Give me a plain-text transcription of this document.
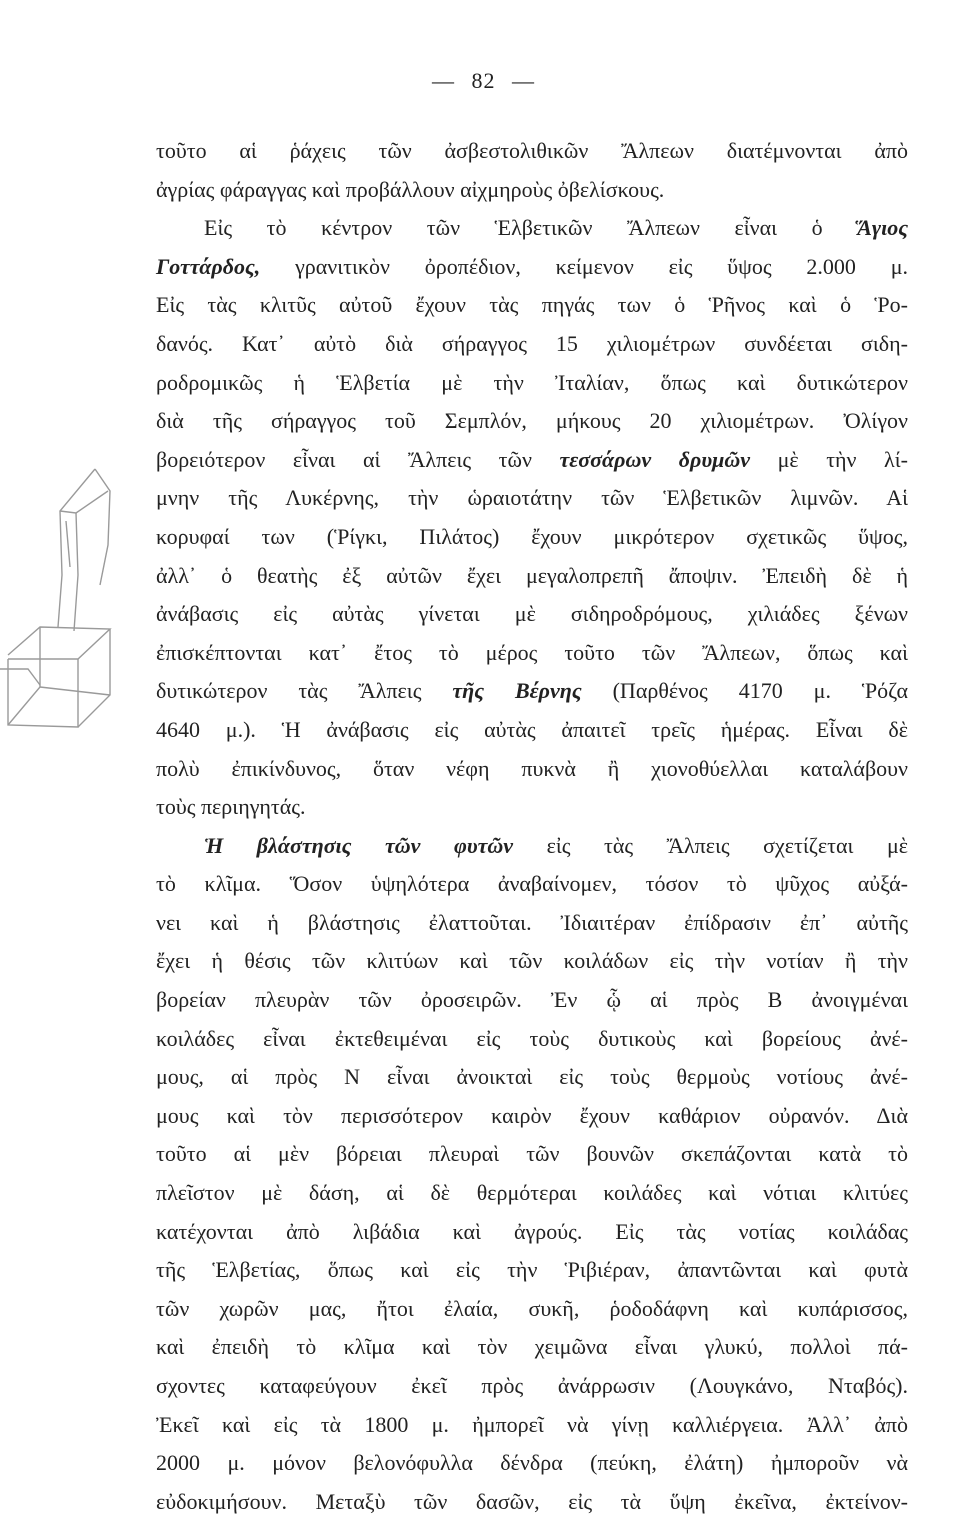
— 82 —
τοῦτο αἱ ῥάχεις τῶν ἀσβεστολιθικῶν Ἄλπεων διατέμνονται ἀπὸ
ἀγρίας φάραγγας καὶ προβάλλουν αἰχμηροὺς ὀβελίσκους.
Εἰς τὸ κέντρον τῶν Ἑλβετικῶν Ἄλπεων εἶναι ὁ Ἅγιος
Γοττάρδος, γρανιτικὸν ὀροπέδιον, κείμενον εἰς ὕψος 2.000 μ.
Εἰς τὰς κλιτῦς αὐτοῦ ἔχουν τὰς πηγάς των ὁ Ῥῆνος καὶ ὁ Ῥο-
δανός. Κατ᾽ αὐτὸ διὰ σήραγγος 15 χιλιομέτρων συνδέεται σιδη-
ροδρομικῶς ἡ Ἑλβετία μὲ τὴν Ἰταλίαν, ὅπως καὶ δυτικώτερον
διὰ τῆς σήραγγος τοῦ Σεμπλόν, μήκους 20 χιλιομέτρων. Ὀλίγον
βορειότερον εἶναι αἱ Ἄλπεις τῶν τεσσάρων δρυμῶν μὲ τὴν λί-
μνην τῆς Λυκέρνης, τὴν ὡραιοτάτην τῶν Ἑλβετικῶν λιμνῶν. Αἱ
κορυφαί των (Ῥίγκι, Πιλάτος) ἔχουν μικρότερον σχετικῶς ὕψος,
ἀλλ᾽ ὁ θεατὴς ἐξ αὐτῶν ἔχει μεγαλοπρεπῆ ἄποψιν. Ἐπειδὴ δὲ ἡ
ἀνάβασις εἰς αὐτὰς γίνεται μὲ σιδηροδρόμους, χιλιάδες ξένων
ἐπισκέπτονται κατ᾽ ἔτος τὸ μέρος τοῦτο τῶν Ἄλπεων, ὅπως καὶ
δυτικώτερον τὰς Ἄλπεις τῆς Βέρνης (Παρθένος 4170 μ. Ῥόζα
4640 μ.). Ἡ ἀνάβασις εἰς αὐτὰς ἀπαιτεῖ τρεῖς ἡμέρας. Εἶναι δὲ
πολὺ ἐπικίνδυνος, ὅταν νέφη πυκνὰ ἢ χιονοθύελλαι καταλάβουν
τοὺς περιηγητάς.
Ἡ βλάστησις τῶν φυτῶν εἰς τὰς Ἄλπεις σχετίζεται μὲ
τὸ κλῖμα. Ὅσον ὑψηλότερα ἀναβαίνομεν, τόσον τὸ ψῦχος αὐξά-
νει καὶ ἡ βλάστησις ἐλαττοῦται. Ἰδιαιτέραν ἐπίδρασιν ἐπ᾽ αὐτῆς
ἔχει ἡ θέσις τῶν κλιτύων καὶ τῶν κοιλάδων εἰς τὴν νοτίαν ἢ τὴν
βορείαν πλευρὰν τῶν ὀροσειρῶν. Ἐν ᾧ αἱ πρὸς Β ἀνοιγμέναι
κοιλάδες εἶναι ἐκτεθειμέναι εἰς τοὺς δυτικοὺς καὶ βορείους ἀνέ-
μους, αἱ πρὸς Ν εἶναι ἀνοικταὶ εἰς τοὺς θερμοὺς νοτίους ἀνέ-
μους καὶ τὸν περισσότερον καιρὸν ἔχουν καθάριον οὐρανόν. Διὰ
τοῦτο αἱ μὲν βόρειαι πλευραὶ τῶν βουνῶν σκεπάζονται κατὰ τὸ
πλεῖστον μὲ δάση, αἱ δὲ θερμότεραι κοιλάδες καὶ νότιαι κλιτύες
κατέχονται ἀπὸ λιβάδια καὶ ἀγρούς. Εἰς τὰς νοτίας κοιλάδας
τῆς Ἑλβετίας, ὅπως καὶ εἰς τὴν Ῥιβιέραν, ἀπαντῶνται καὶ φυτὰ
τῶν χωρῶν μας, ἤτοι ἐλαία, συκῆ, ῥοδοδάφνη καὶ κυπάρισσος,
καὶ ἐπειδὴ τὸ κλῖμα καὶ τὸν χειμῶνα εἶναι γλυκύ, πολλοὶ πά-
σχοντες καταφεύγουν ἐκεῖ πρὸς ἀνάρρωσιν (Λουγκάνο, Νταβός).
Ἐκεῖ καὶ εἰς τὰ 1800 μ. ἠμπορεῖ νὰ γίνῃ καλλιέργεια. Ἀλλ᾽ ἀπὸ
2000 μ. μόνον βελονόφυλλα δένδρα (πεύκη, ἐλάτη) ἠμπορoῦν νὰ
εὐδοκιμήσουν. Μεταξὺ τῶν δασῶν, εἰς τὰ ὕψη ἐκεῖνα, ἐκτείνον-
